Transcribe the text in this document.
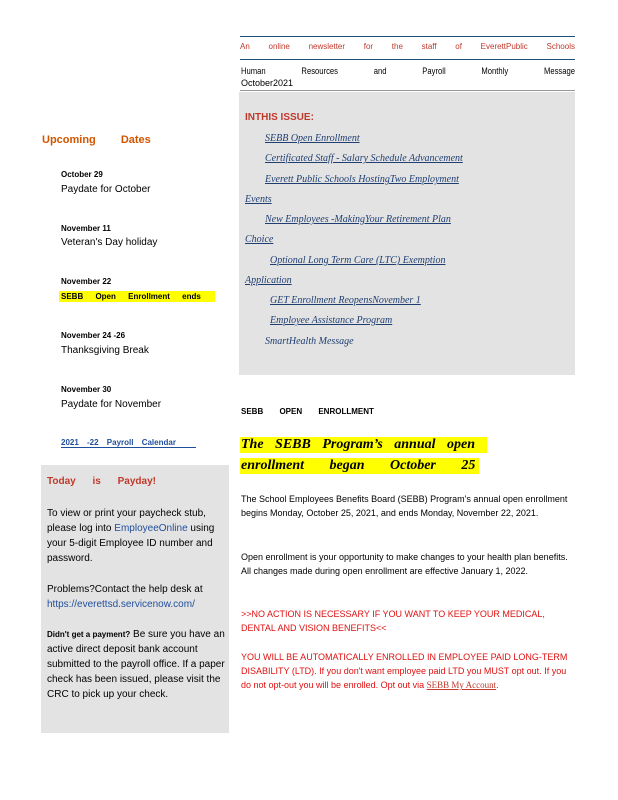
An online newsletter for the staff of EverettPublic Schools
Human	Resources	and	Payroll	Monthly	Message
October2021
INTHIS ISSUE:
SEBB Open Enrollment
Certificated Staff - Salary Schedule Advancement
Everett Public Schools HostingTwo Employment
Events
New Employees -MakingYour Retirement Plan
Choice
Optional Long Term Care (LTC) Exemption
Application
GET Enrollment ReopensNovember 1
Employee Assistance Program
SmartHealth Message
Upcoming Dates
October 29
Paydate for October
November 11
Veteran's Day holiday
November 22
SEBB Open Enrollment ends
November 24 -26
Thanksgiving Break
November 30
Paydate for November
2021 -22 Payroll Calendar
Today is Payday!
To view or print your paycheck stub, please log into EmployeeOnline using your 5-digit Employee ID number and password.
Problems?Contact the help desk at https://everettsd.servicenow.com/
Didn't get a payment? Be sure you have an active direct deposit bank account submitted to the payroll office. If a paper check has been issued, please visit the CRC to pick up your check.
SEBB OPEN ENROLLMENT
The SEBB Program’s annual open
enrollment began October 25
The School Employees Benefits Board (SEBB) Program's annual open enrollment begins Monday, October 25, 2021, and ends Monday, November 22, 2021.
Open enrollment is your opportunity to make changes to your health plan benefits. All changes made during open enrollment are effective January 1, 2022.
>>NO ACTION IS NECESSARY IF YOU WANT TO KEEP YOUR MEDICAL, DENTAL AND VISION BENEFITS<<
YOU WILL BE AUTOMATICALLY ENROLLED IN EMPLOYEE PAID LONG-TERM DISABILITY (LTD). If you don't want employee paid LTD you MUST opt out. If you do not opt-out you will be enrolled. Opt out via SEBB My Account.
